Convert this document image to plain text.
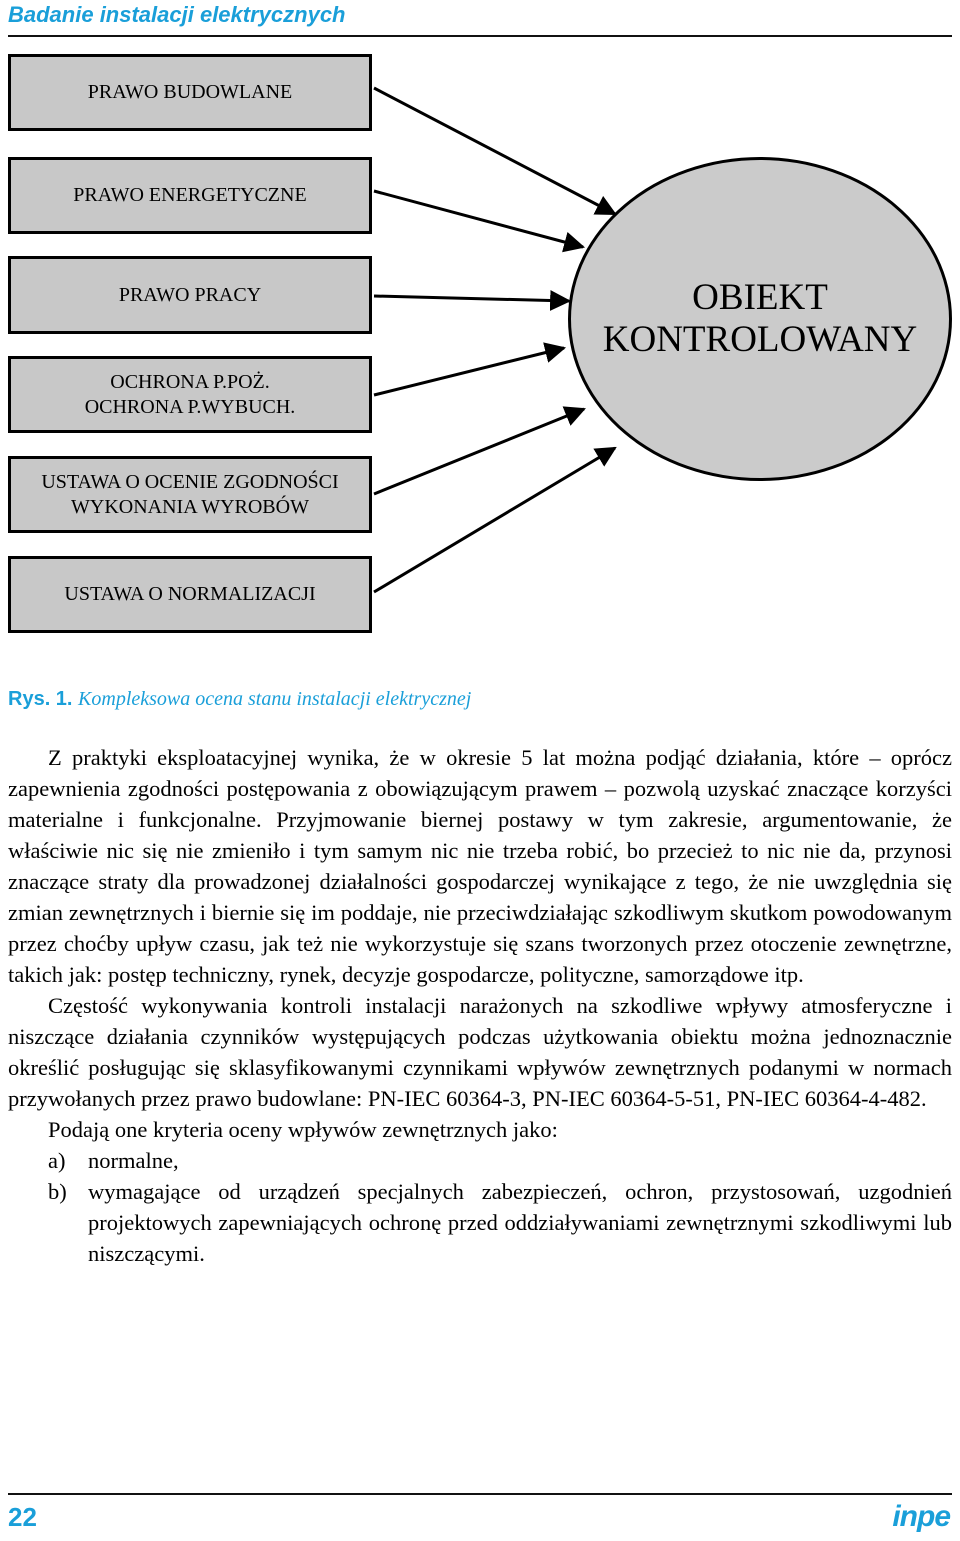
Badanie instalacji elektrycznych
PRAWO BUDOWLANE
PRAWO ENERGETYCZNE
PRAWO PRACY
OCHRONA P.POŻ.
OCHRONA P.WYBUCH.
USTAWA O OCENIE ZGODNOŚCI
WYKONANIA WYROBÓW
USTAWA O NORMALIZACJI
OBIEKT
KONTROLOWANY
Rys. 1. Kompleksowa ocena stanu instalacji elektrycznej

Z praktyki eksploatacyjnej wynika, że w okresie 5 lat można podjąć działania, które – oprócz zapewnienia zgodności postępowania z obowiązującym prawem – pozwolą uzyskać znaczące korzyści materialne i funkcjonalne. Przyjmowanie biernej postawy w tym zakresie, argumentowanie, że właściwie nic się nie zmieniło i tym samym nic nie trzeba robić, bo przecież to nic nie da, przynosi znaczące straty dla prowadzonej działalności gospodarczej wynikające z tego, że nie uwzględnia się zmian zewnętrznych i biernie się im poddaje, nie przeciwdziałając szkodliwym skutkom powodowanym przez choćby upływ czasu, jak też nie wykorzystuje się szans tworzonych przez otoczenie zewnętrzne, takich jak: postęp techniczny, rynek, decyzje gospodarcze, polityczne, samorządowe itp.

Częstość wykonywania kontroli instalacji narażonych na szkodliwe wpływy atmosferyczne i niszczące działania czynników występujących podczas użytkowania obiektu można jednoznacznie określić posługując się sklasyfikowanymi czynnikami wpływów zewnętrznych podanymi w normach przywołanych przez prawo budowlane: PN-IEC 60364-3, PN-IEC 60364-5-51, PN-IEC 60364-4-482.

Podają one kryteria oceny wpływów zewnętrznych jako:

a)	normalne,
b) wymagające od urządzeń specjalnych zabezpieczeń, ochron, przystosowań, uzgodnień projektowych zapewniających ochronę przed oddziaływaniami zewnętrznymi szkodliwymi lub niszczącymi.
22	inpe
